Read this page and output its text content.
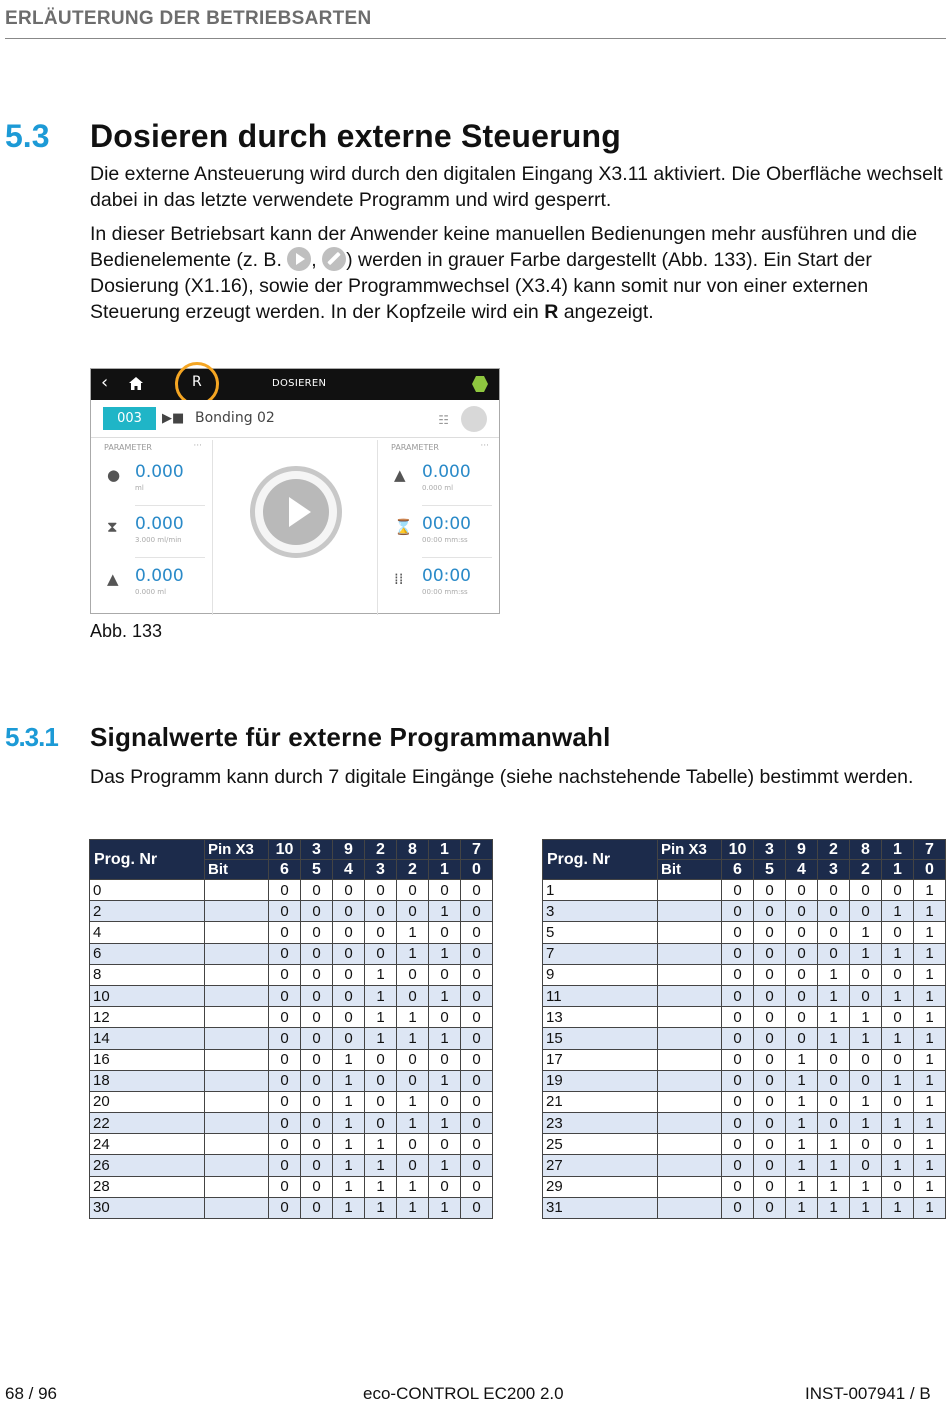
ERLÄUTERUNG DER BETRIEBSARTEN
5.3 Dosieren durch externe Steuerung
Die externe Ansteuerung wird durch den digitalen Eingang X3.11 aktiviert. Die Oberfläche wechselt dabei in das letzte verwendete Programm und wird gesperrt.
In dieser Betriebsart kann der Anwender keine manuellen Bedienungen mehr ausführen und die Bedienelemente (z. B. , ) werden in grauer Farbe dargestellt (Abb. 133). Ein Start der Dosierung (X1.16), sowie der Programmwechsel (X3.4) kann somit nur von einer externen Steuerung erzeugt werden. In der Kopfzeile wird ein R angezeigt.
‹	R	DOSIEREN
003	▶■ Bonding 02	☷
PARAMETER	···
● 0.000
ml
⧗ 0.000
3.000 ml/min
▲ 0.000
0.000 ml
PARAMETER	···
▲ 0.000
0.000 ml
⌛ 00:00
00:00 mm:ss
⁞⁞ 00:00
00:00 mm:ss
Abb. 133
5.3.1 Signalwerte für externe Programmanwahl
Das Programm kann durch 7 digitale Eingänge (siehe nachstehende Tabelle) bestimmt werden.
Prog. Nr	Pin X3	10	3	9	2	8	1	7
	Bit	6	5	4	3	2	1	0
0		0	0	0	0	0	0	0
2		0	0	0	0	0	1	0
4		0	0	0	0	1	0	0
6		0	0	0	0	1	1	0
8		0	0	0	1	0	0	0
10		0	0	0	1	0	1	0
12		0	0	0	1	1	0	0
14		0	0	0	1	1	1	0
16		0	0	1	0	0	0	0
18		0	0	1	0	0	1	0
20		0	0	1	0	1	0	0
22		0	0	1	0	1	1	0
24		0	0	1	1	0	0	0
26		0	0	1	1	0	1	0
28		0	0	1	1	1	0	0
30		0	0	1	1	1	1	0
Prog. Nr	Pin X3	10	3	9	2	8	1	7
	Bit	6	5	4	3	2	1	0
1		0	0	0	0	0	0	1
3		0	0	0	0	0	1	1
5		0	0	0	0	1	0	1
7		0	0	0	0	1	1	1
9		0	0	0	1	0	0	1
11		0	0	0	1	0	1	1
13		0	0	0	1	1	0	1
15		0	0	0	1	1	1	1
17		0	0	1	0	0	0	1
19		0	0	1	0	0	1	1
21		0	0	1	0	1	0	1
23		0	0	1	0	1	1	1
25		0	0	1	1	0	0	1
27		0	0	1	1	0	1	1
29		0	0	1	1	1	0	1
31		0	0	1	1	1	1	1
68 / 96	eco-CONTROL EC200 2.0	INST-007941 / B
